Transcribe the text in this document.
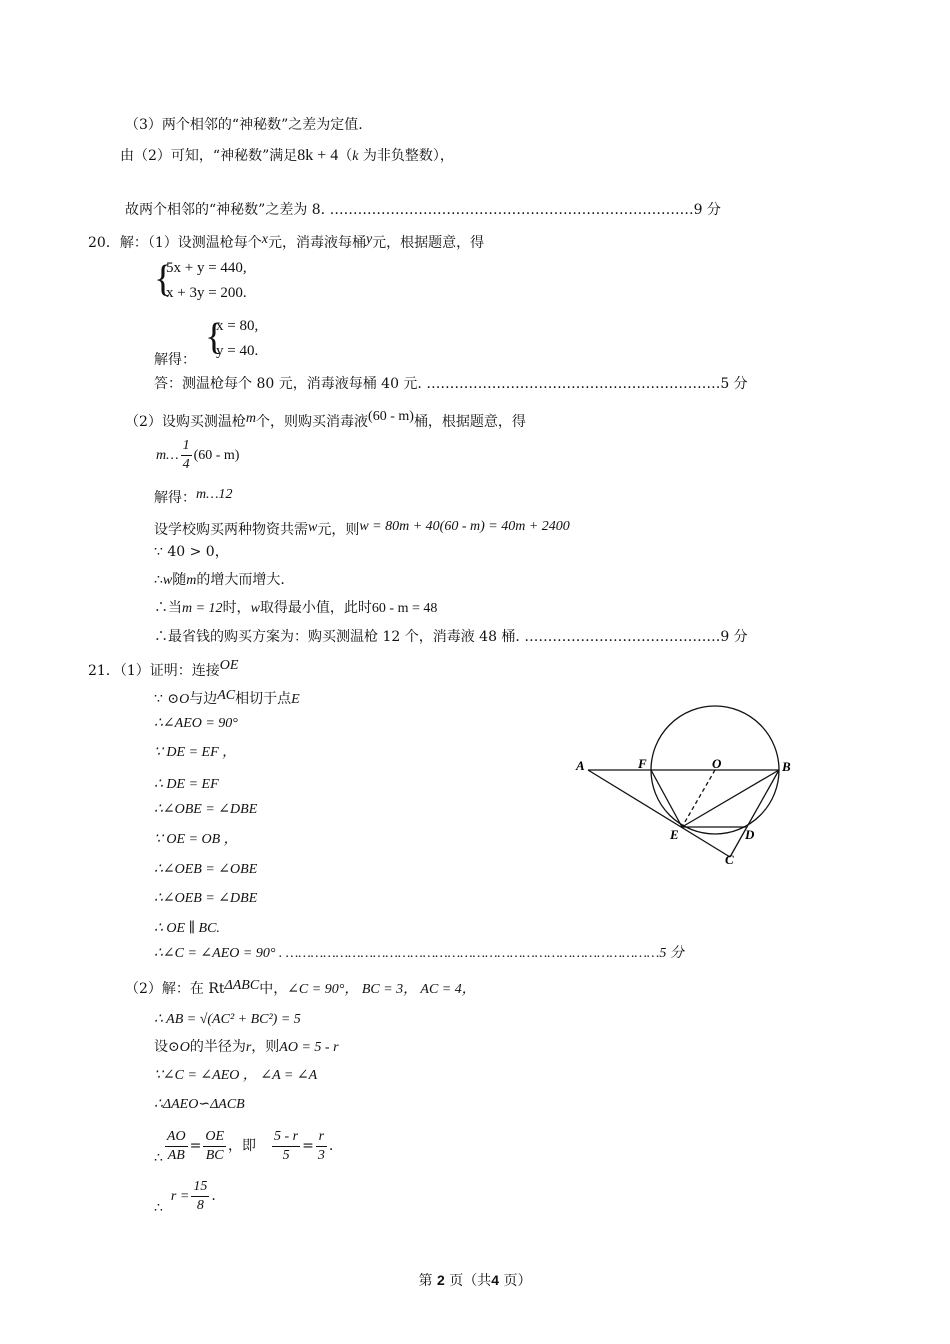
（3）两个相邻的“神秘数”之差为定值.
由（2）可知，“神秘数”满足8k + 4（k 为非负整数），
故两个相邻的“神秘数”之差为 8. ……………………………………………………………………9 分
20．解：（1）设测温枪每个x元，消毒液每桶y元，根据题意，得
{
5x + y = 440,
x + 3y = 200.
{
x = 80,
y = 40.
解得：
答：测温枪每个 80 元，消毒液每桶 40 元. ………………………………………………………5 分
（2）设购买测温枪m个，则购买消毒液(60 - m)桶，根据题意，得
m… $\frac{1}{4} (60 - m)$
解得：m…12
设学校购买两种物资共需w元，则w = 80m + 40(60 - m) = 40m + 2400
∵ 40 > 0，
∴w随m的增大而增大.
∴当m = 12时，w取得最小值，此时60 - m = 48
∴最省钱的购买方案为：购买测温枪 12 个，消毒液 48 桶. ……………………………………9 分
21．（1）证明：连接OE
∵ ⊙O与边AC相切于点E
∴∠AEO = 90°
∵ DE = EF ，
∴ DE = EF
∴∠OBE = ∠DBE
∵ OE = OB ，
∴∠OEB = ∠OBE
∴∠OEB = ∠DBE
∴ OE ∥ BC.
∴∠C = ∠AEO = 90° . ………………………………………………………………………………5 分
（2）解：在 RtΔABC中，∠C = 90°， BC = 3， AC = 4，
∴ AB = √(AC² + BC²) = 5
设⊙O的半径为r，则AO = 5 - r
∵∠C = ∠AEO ， ∠A = ∠A
∴ΔAEO∽ΔACB
∴ $\frac{AO}{AB} = \frac{OE}{BC}$ ，即 $\frac{5 - r}{5} = \frac{r}{3}$ .
∴r = $\frac{15}{8}$ .
A	F	O	B
E	D
C
第 2 页（共4 页）
